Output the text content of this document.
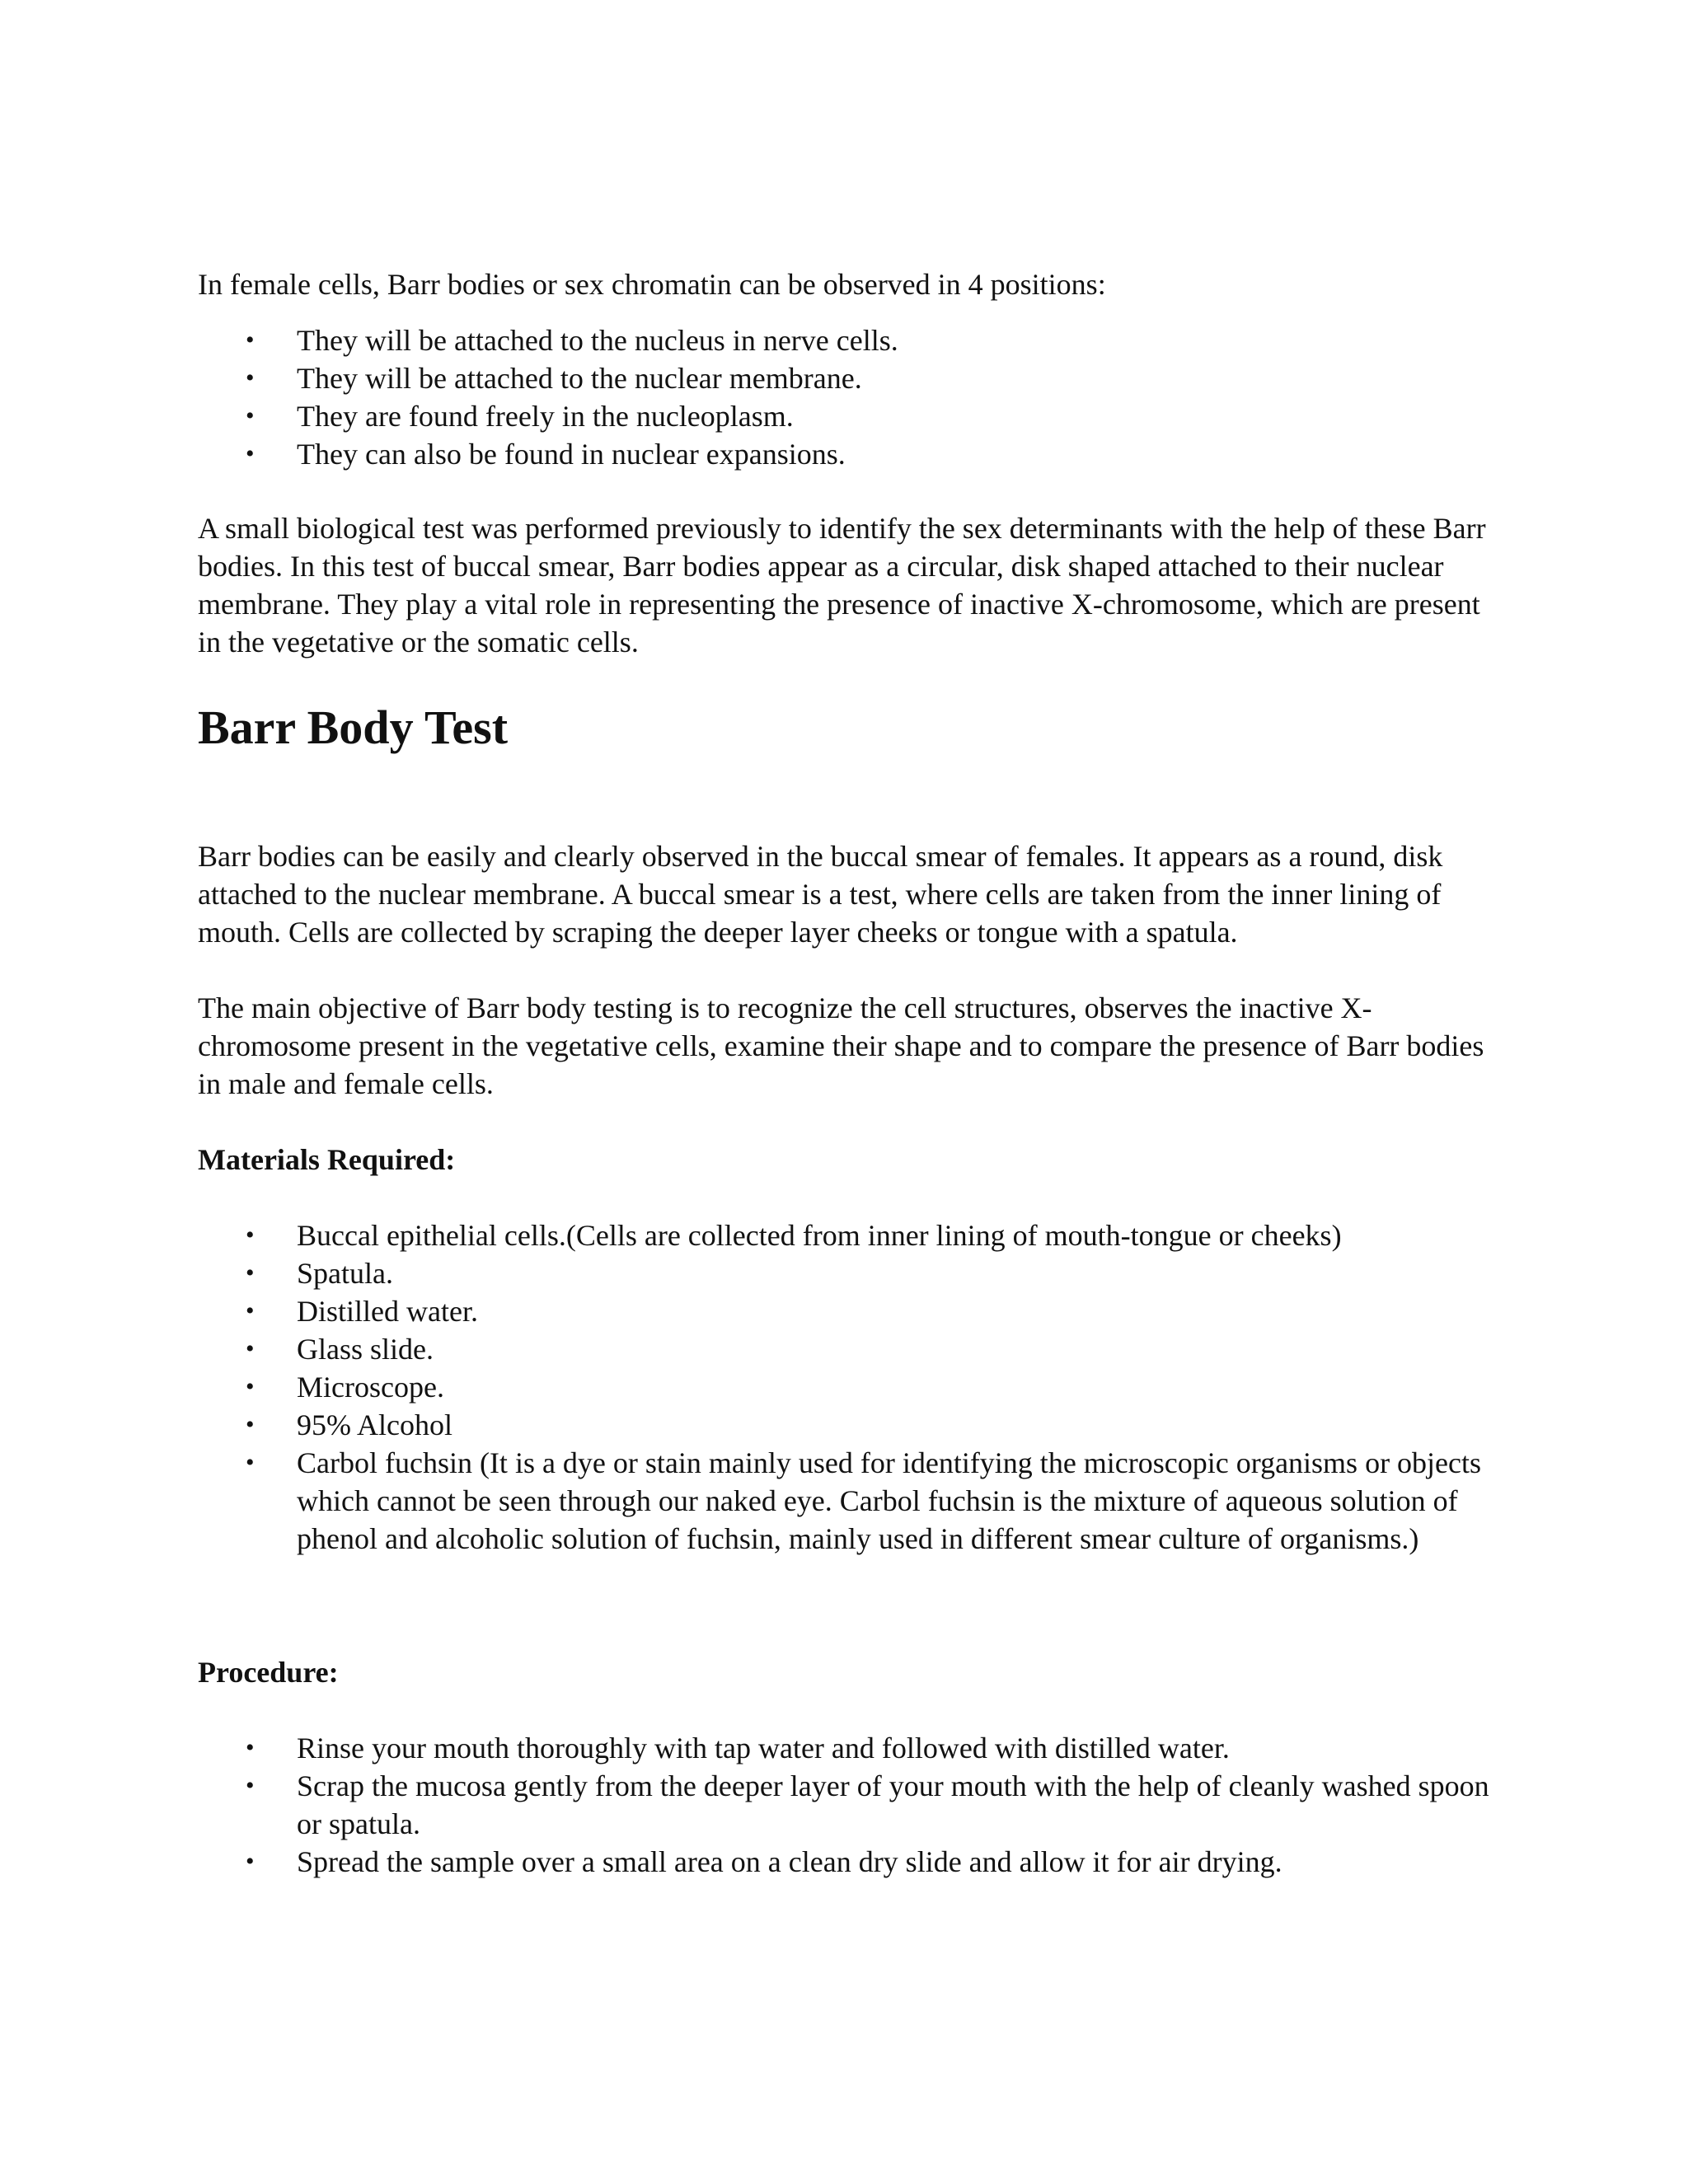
In female cells, Barr bodies or sex chromatin can be observed in 4 positions:

• They will be attached to the nucleus in nerve cells.
• They will be attached to the nuclear membrane.
• They are found freely in the nucleoplasm.
• They can also be found in nuclear expansions.

A small biological test was performed previously to identify the sex determinants with the help of these Barr bodies. In this test of buccal smear, Barr bodies appear as a circular, disk shaped attached to their nuclear membrane. They play a vital role in representing the presence of inactive X-chromosome, which are present in the vegetative or the somatic cells.

Barr Body Test

Barr bodies can be easily and clearly observed in the buccal smear of females. It appears as a round, disk attached to the nuclear membrane. A buccal smear is a test, where cells are taken from the inner lining of mouth. Cells are collected by scraping the deeper layer cheeks or tongue with a spatula.

The main objective of Barr body testing is to recognize the cell structures, observes the inactive X-chromosome present in the vegetative cells, examine their shape and to compare the presence of Barr bodies in male and female cells.

Materials Required:
• Buccal epithelial cells.(Cells are collected from inner lining of mouth-tongue or cheeks)
• Spatula.
• Distilled water.
• Glass slide.
• Microscope.
• 95% Alcohol
• Carbol fuchsin (It is a dye or stain mainly used for identifying the microscopic organisms or objects which cannot be seen through our naked eye. Carbol fuchsin is the mixture of aqueous solution of phenol and alcoholic solution of fuchsin, mainly used in different smear culture of organisms.)
Procedure:
• Rinse your mouth thoroughly with tap water and followed with distilled water.
• Scrap the mucosa gently from the deeper layer of your mouth with the help of cleanly washed spoon or spatula.
• Spread the sample over a small area on a clean dry slide and allow it for air drying.
